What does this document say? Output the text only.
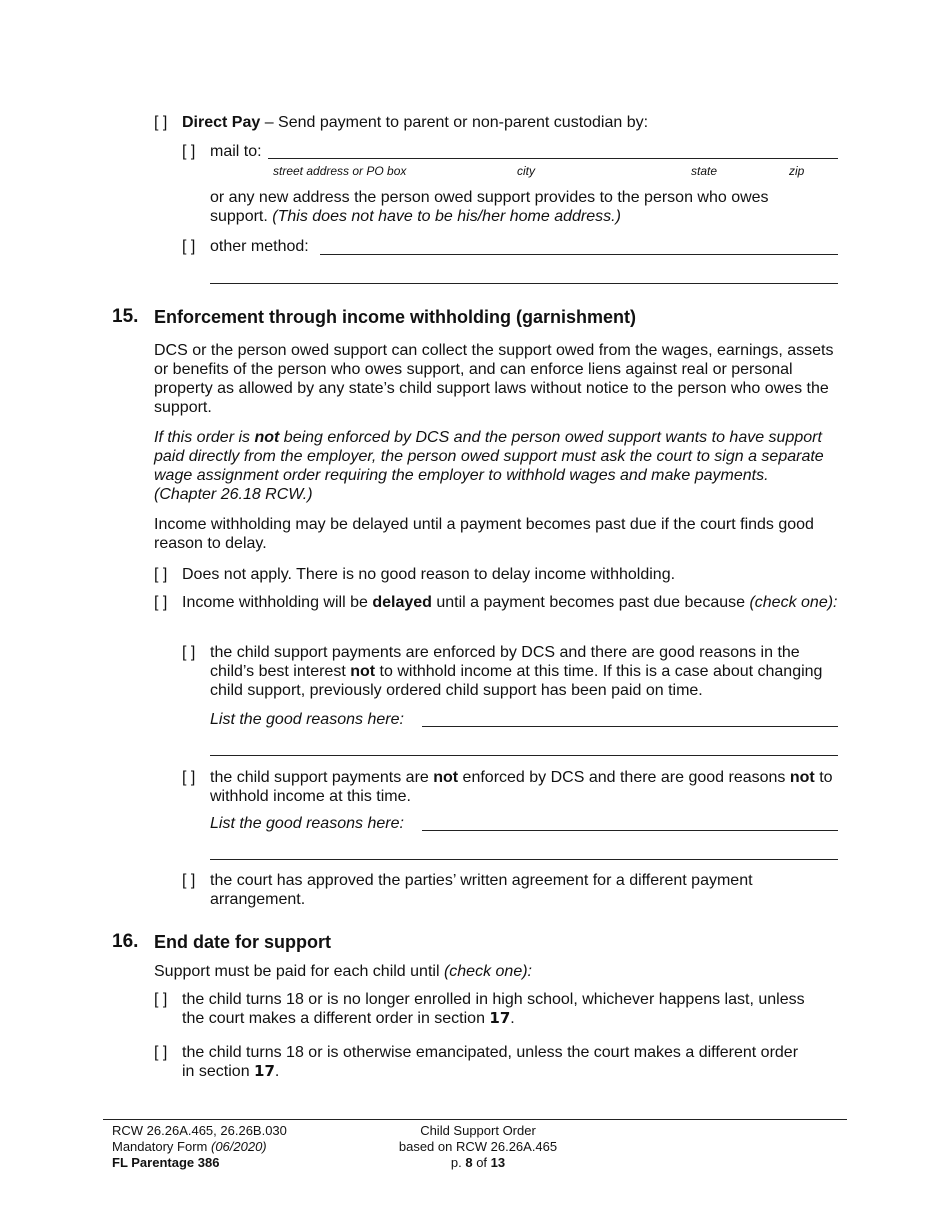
[ ] Direct Pay – Send payment to parent or non-parent custodian by:

[ ] mail to:
street address or PO box	city	state	zip

or any new address the person owed support provides to the person who owes support. (This does not have to be his/her home address.)

[ ] other method:
15. Enforcement through income withholding (garnishment)

DCS or the person owed support can collect the support owed from the wages, earnings, assets or benefits of the person who owes support, and can enforce liens against real or personal property as allowed by any state’s child support laws without notice to the person who owes the support.

If this order is not being enforced by DCS and the person owed support wants to have support paid directly from the employer, the person owed support must ask the court to sign a separate wage assignment order requiring the employer to withhold wages and make payments. (Chapter 26.18 RCW.)

Income withholding may be delayed until a payment becomes past due if the court finds good reason to delay.

[ ] Does not apply. There is no good reason to delay income withholding.

[ ] Income withholding will be delayed until a payment becomes past due because (check one):

[ ] the child support payments are enforced by DCS and there are good reasons in the child’s best interest not to withhold income at this time. If this is a case about changing child support, previously ordered child support has been paid on time.

List the good reasons here:
[ ] the child support payments are not enforced by DCS and there are good reasons not to withhold income at this time.

List the good reasons here:
[ ] the court has approved the parties’ written agreement for a different payment arrangement.

16. End date for support

Support must be paid for each child until (check one):

[ ] the child turns 18 or is no longer enrolled in high school, whichever happens last, unless the court makes a different order in section 17.

[ ] the child turns 18 or is otherwise emancipated, unless the court makes a different order in section 17.

RCW 26.26A.465, 26.26B.030
Mandatory Form (06/2020)
FL Parentage 386
Child Support Order
based on RCW 26.26A.465
p. 8 of 13
